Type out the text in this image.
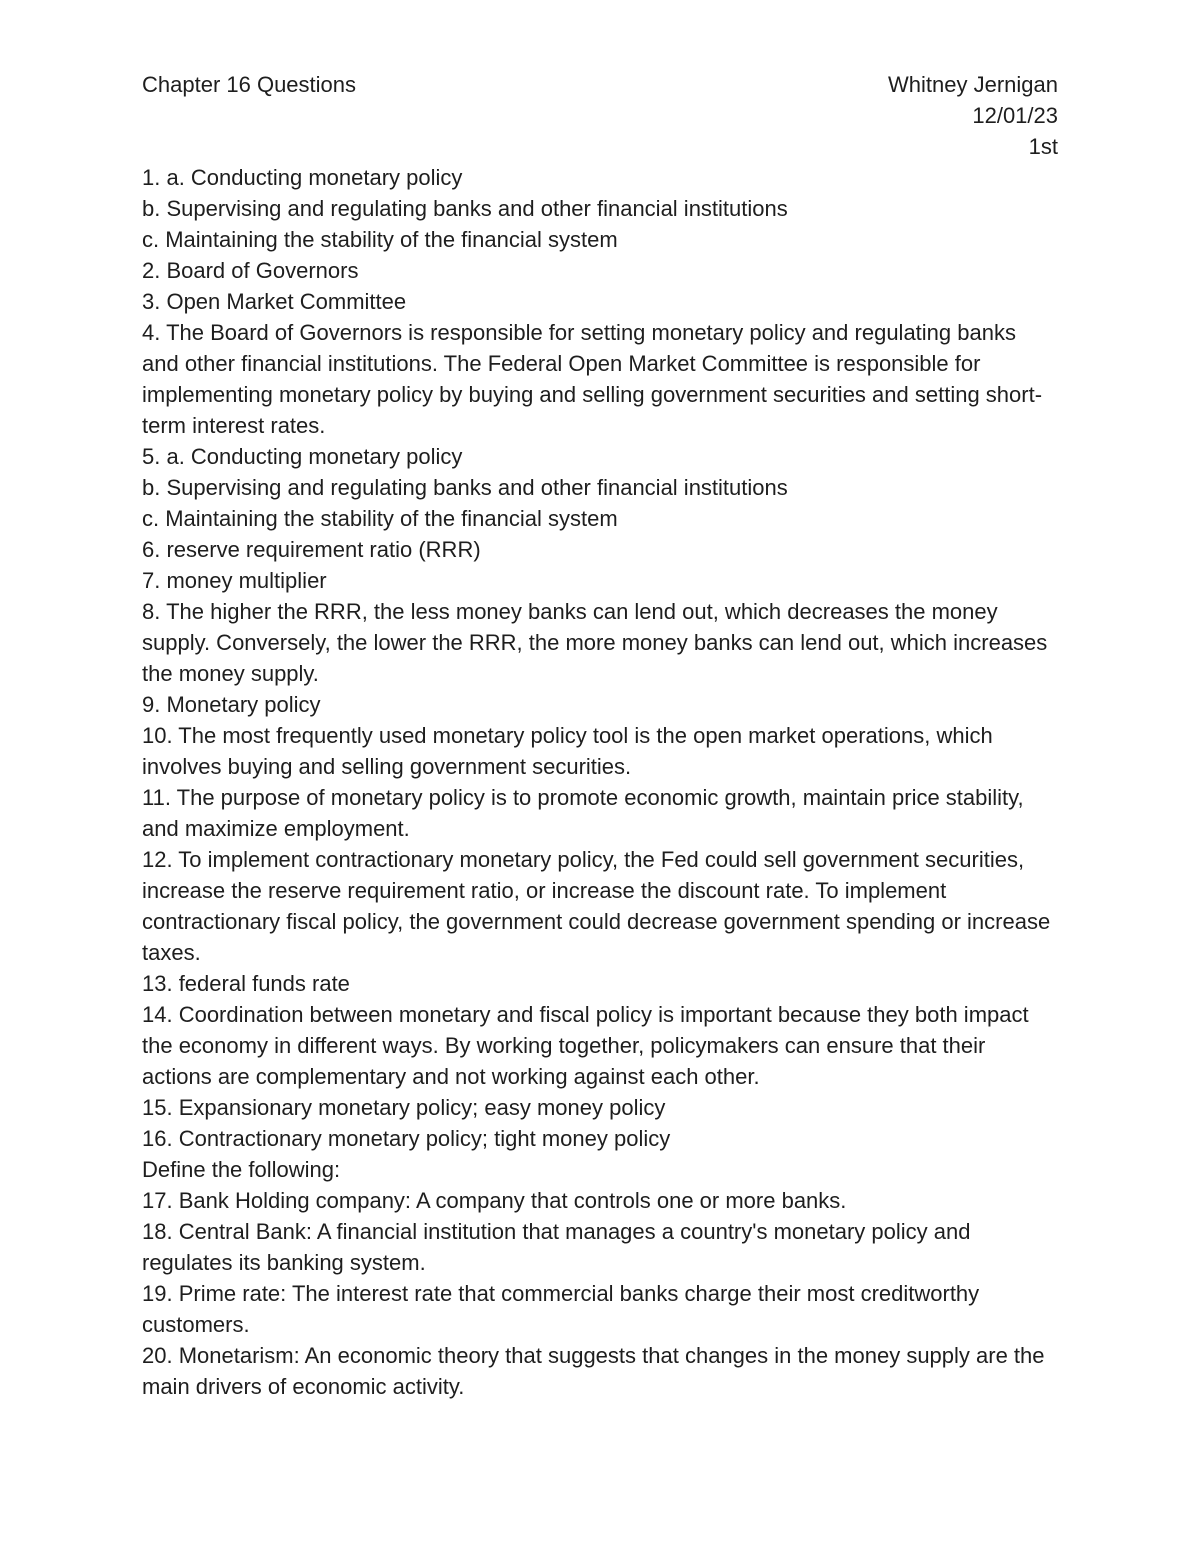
Chapter 16 Questions	Whitney Jernigan
12/01/23
1st

1. a. Conducting monetary policy

b. Supervising and regulating banks and other financial institutions

c. Maintaining the stability of the financial system

2. Board of Governors

3. Open Market Committee

4. The Board of Governors is responsible for setting monetary policy and regulating banks and other financial institutions. The Federal Open Market Committee is responsible for implementing monetary policy by buying and selling government securities and setting short-term interest rates.

5. a. Conducting monetary policy

b. Supervising and regulating banks and other financial institutions

c. Maintaining the stability of the financial system

6. reserve requirement ratio (RRR)

7. money multiplier

8. The higher the RRR, the less money banks can lend out, which decreases the money supply. Conversely, the lower the RRR, the more money banks can lend out, which increases the money supply.

9. Monetary policy

10. The most frequently used monetary policy tool is the open market operations, which involves buying and selling government securities.

11. The purpose of monetary policy is to promote economic growth, maintain price stability, and maximize employment.

12. To implement contractionary monetary policy, the Fed could sell government securities, increase the reserve requirement ratio, or increase the discount rate. To implement contractionary fiscal policy, the government could decrease government spending or increase taxes.

13. federal funds rate

14. Coordination between monetary and fiscal policy is important because they both impact the economy in different ways. By working together, policymakers can ensure that their actions are complementary and not working against each other.

15. Expansionary monetary policy; easy money policy

16. Contractionary monetary policy; tight money policy

Define the following:

17. Bank Holding company: A company that controls one or more banks.

18. Central Bank: A financial institution that manages a country's monetary policy and regulates its banking system.

19. Prime rate: The interest rate that commercial banks charge their most creditworthy customers.

20. Monetarism: An economic theory that suggests that changes in the money supply are the main drivers of economic activity.
